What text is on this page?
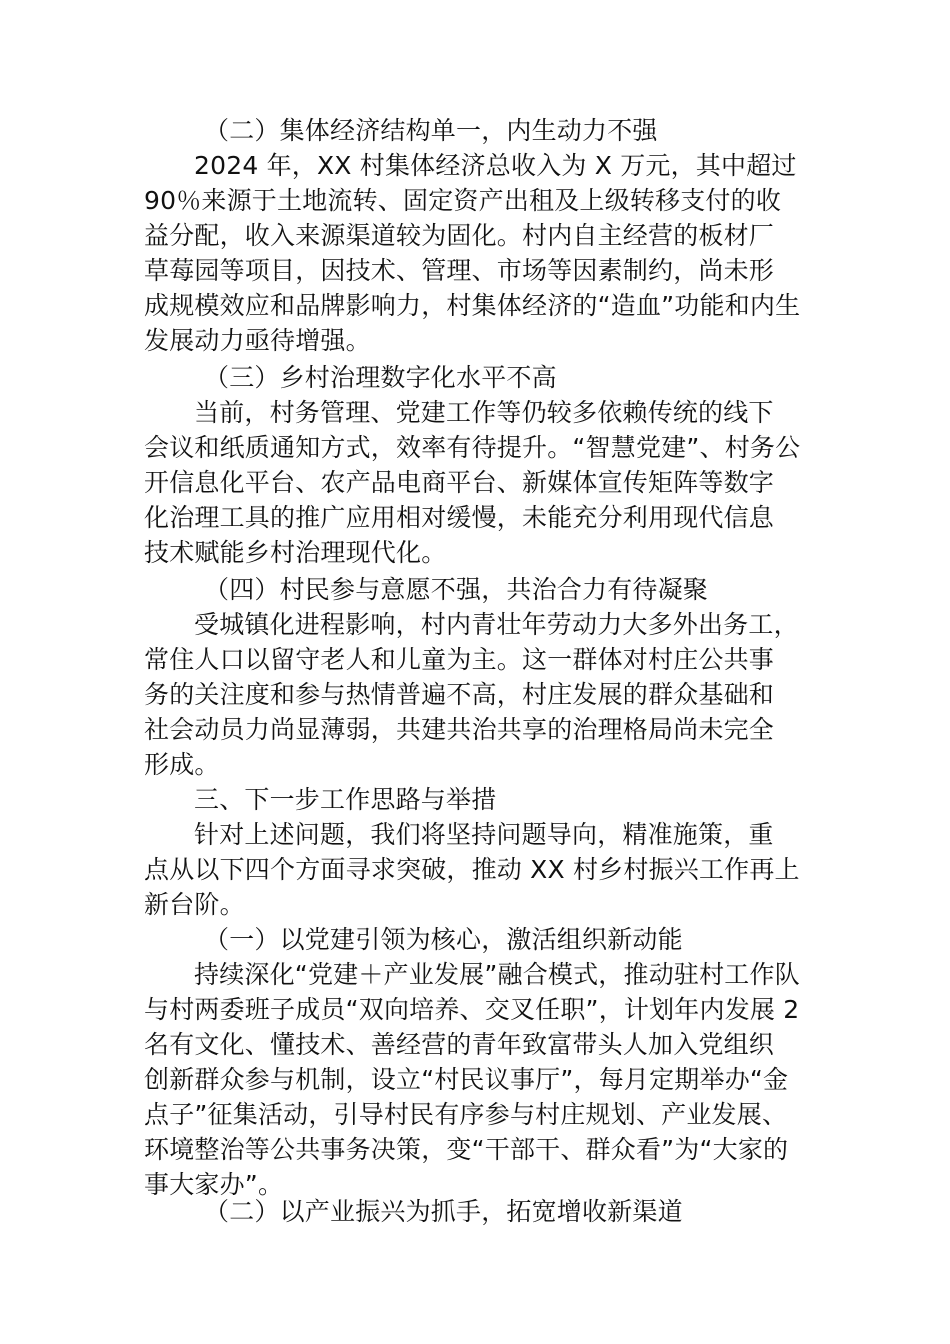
（二）集体经济结构单一，内生动力不强
2024 年，XX 村集体经济总收入为 X 万元，其中超过
90％来源于土地流转、固定资产出租及上级转移支付的收
益分配，收入来源渠道较为固化。村内自主经营的板材厂
草莓园等项目，因技术、管理、市场等因素制约，尚未形
成规模效应和品牌影响力，村集体经济的“造血”功能和内生
发展动力亟待增强。
（三）乡村治理数字化水平不高
当前，村务管理、党建工作等仍较多依赖传统的线下
会议和纸质通知方式，效率有待提升。“智慧党建”、村务公
开信息化平台、农产品电商平台、新媒体宣传矩阵等数字
化治理工具的推广应用相对缓慢，未能充分利用现代信息
技术赋能乡村治理现代化。
（四）村民参与意愿不强，共治合力有待凝聚
受城镇化进程影响，村内青壮年劳动力大多外出务工，
常住人口以留守老人和儿童为主。这一群体对村庄公共事
务的关注度和参与热情普遍不高，村庄发展的群众基础和
社会动员力尚显薄弱，共建共治共享的治理格局尚未完全
形成。
三、下一步工作思路与举措
针对上述问题，我们将坚持问题导向，精准施策，重
点从以下四个方面寻求突破，推动 XX 村乡村振兴工作再上
新台阶。
（一）以党建引领为核心，激活组织新动能
持续深化“党建＋产业发展”融合模式，推动驻村工作队
与村两委班子成员“双向培养、交叉任职”，计划年内发展 2
名有文化、懂技术、善经营的青年致富带头人加入党组织
创新群众参与机制，设立“村民议事厅”，每月定期举办“金
点子”征集活动，引导村民有序参与村庄规划、产业发展、
环境整治等公共事务决策，变“干部干、群众看”为“大家的
事大家办”。
（二）以产业振兴为抓手，拓宽增收新渠道
